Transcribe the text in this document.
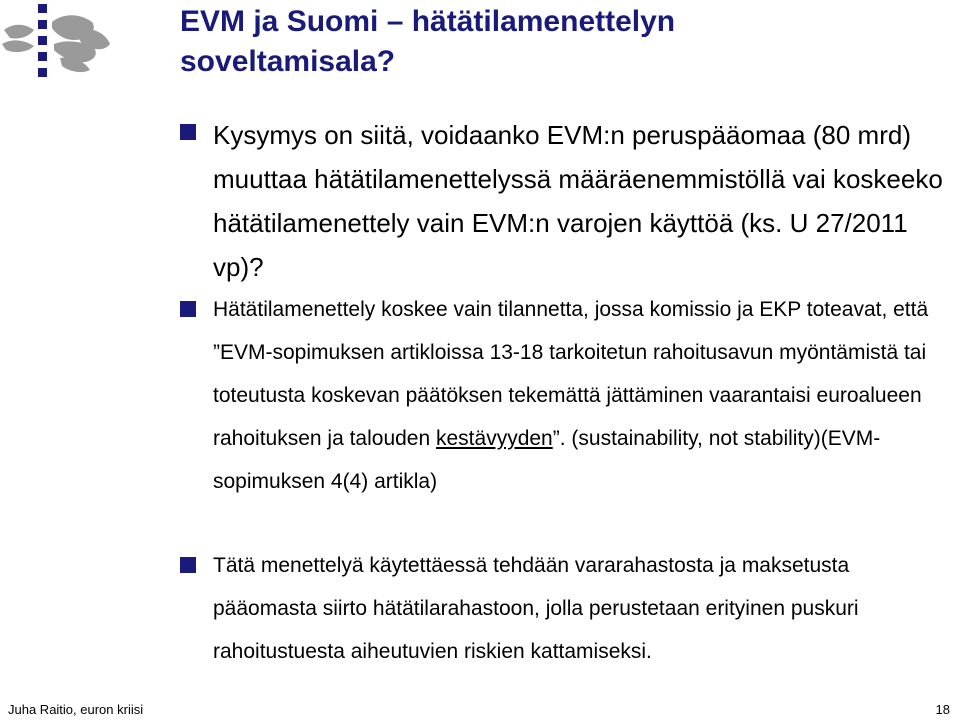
EVM ja Suomi – hätätilamenettelyn
soveltamisala?
Kysymys on siitä, voidaanko EVM:n peruspääomaa (80 mrd) muuttaa hätätilamenettelyssä määräenemmistöllä vai koskeeko hätätilamenettely vain EVM:n varojen käyttöä (ks. U 27/2011 vp)?
Hätätilamenettely koskee vain tilannetta, jossa komissio ja EKP toteavat, että ”EVM-sopimuksen artikloissa 13-18 tarkoitetun rahoitusavun myöntämistä tai toteutusta koskevan päätöksen tekemättä jättäminen vaarantaisi euroalueen rahoituksen ja talouden kestävyyden”. (sustainability, not stability)(EVM-sopimuksen 4(4) artikla)
Tätä menettelyä käytettäessä tehdään vararahastosta ja maksetusta pääomasta siirto hätätilarahastoon, jolla perustetaan erityinen puskuri rahoitustuesta aiheutuvien riskien kattamiseksi.
Juha Raitio, euron kriisi	18
